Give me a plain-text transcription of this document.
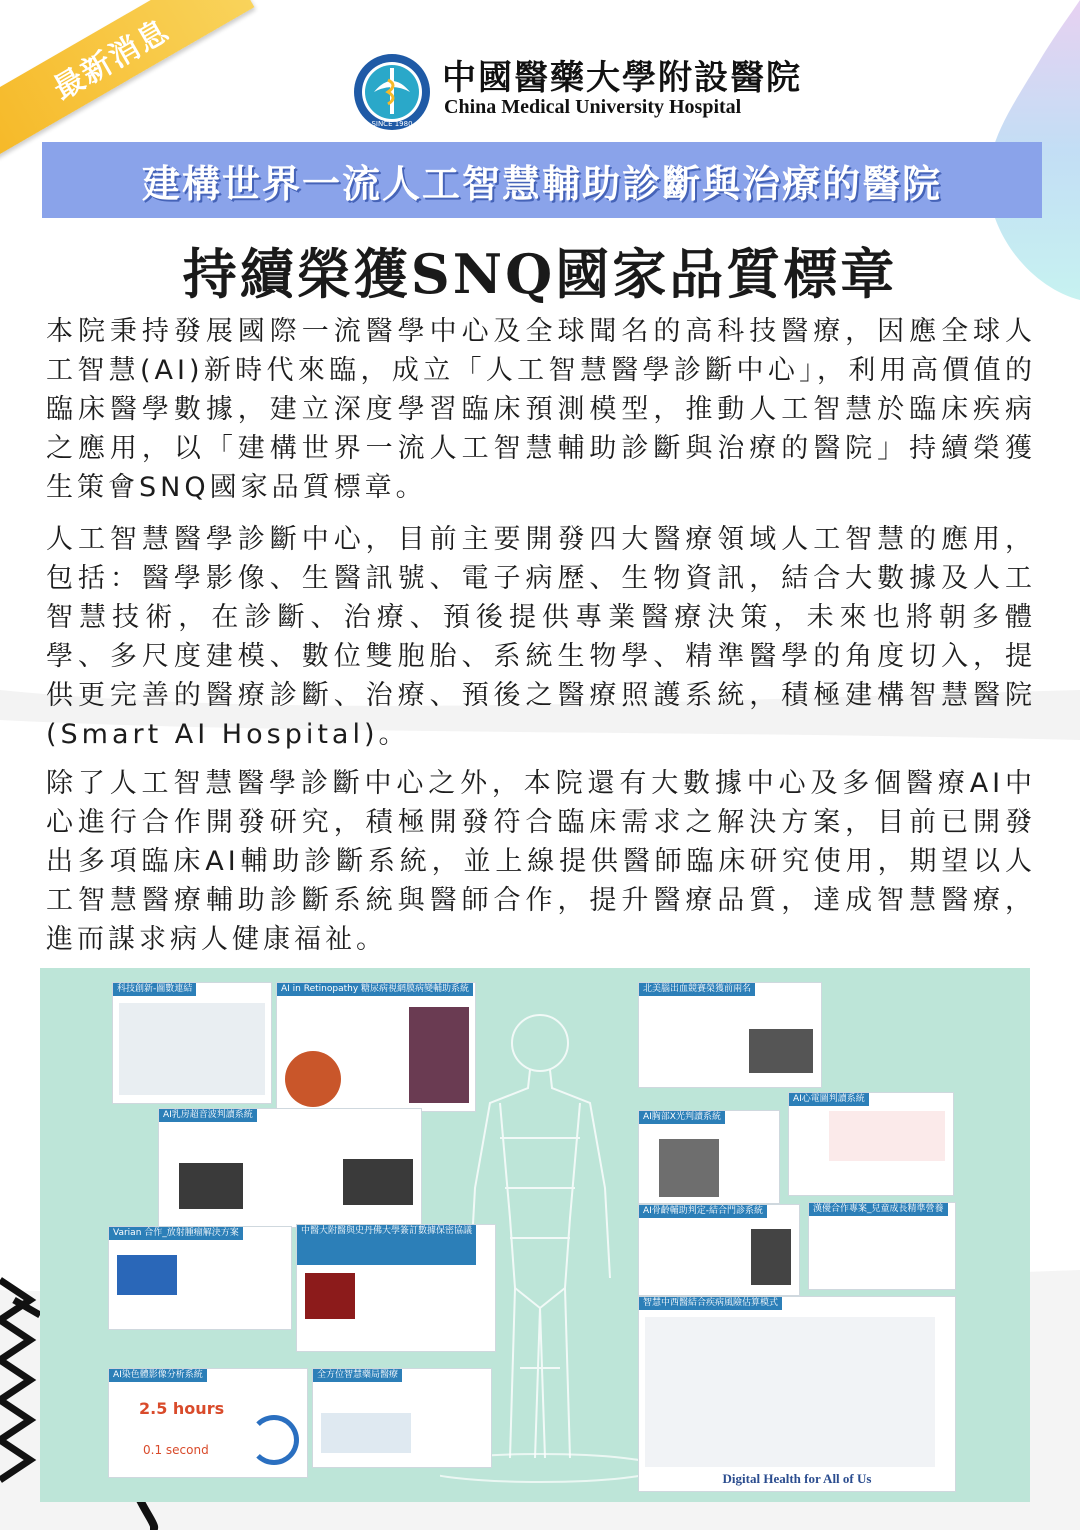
最新消息
SINCE 1980
中國醫藥大學附設醫院
China Medical University Hospital
建構世界一流人工智慧輔助診斷與治療的醫院
持續榮獲SNQ國家品質標章

本院秉持發展國際一流醫學中心及全球聞名的高科技醫療，因應全球人工智慧(AI)新時代來臨，成立「人工智慧醫學診斷中心」，利用高價值的臨床醫學數據，建立深度學習臨床預測模型，推動人工智慧於臨床疾病之應用，以「建構世界一流人工智慧輔助診斷與治療的醫院」持續榮獲生策會SNQ國家品質標章。

人工智慧醫學診斷中心，目前主要開發四大醫療領域人工智慧的應用，包括：醫學影像、生醫訊號、電子病歷、生物資訊，結合大數據及人工智慧技術，在診斷、治療、預後提供專業醫療決策，未來也將朝多體學、多尺度建模、數位雙胞胎、系統生物學、精準醫學的角度切入，提供更完善的醫療診斷、治療、預後之醫療照護系統，積極建構智慧醫院(Smart AI Hospital)。

除了人工智慧醫學診斷中心之外，本院還有大數據中心及多個醫療AI中心進行合作開發研究，積極開發符合臨床需求之解決方案，目前已開發出多項臨床AI輔助診斷系統，並上線提供醫師臨床研究使用，期望以人工智慧醫療輔助診斷系統與醫師合作，提升醫療品質，達成智慧醫療，進而謀求病人健康福祉。

科技創新-圖數連結	AI in Retinopathy 糖尿病視網膜病變輔助系統	北美腦出血競賽榮獲前兩名
AI乳房超音波判讀系統
AI心電圖判讀系統
AI胸部X光判讀系統
Varian 合作_放射腫瘤解決方案	中醫大附醫與史丹佛大學簽訂數據保密協議
AI骨齡輔助判定-結合門診系統	漢優合作專案_兒童成長精準營養
智慧中西醫結合疾病風險估算模式
Digital Health for All of Us
AI染色體影像分析系統
2.5 hours
0.1 second
全方位智慧藥局醫療
